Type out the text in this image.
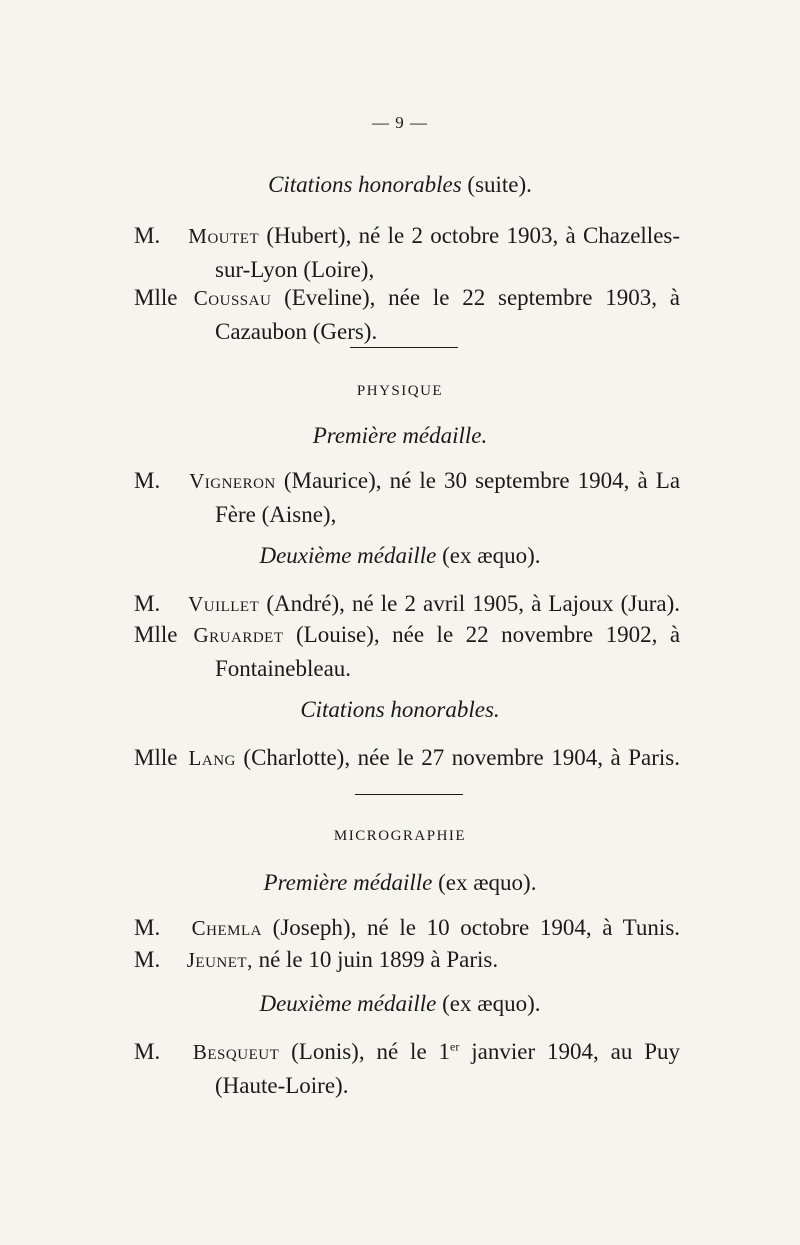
— 9 —
Citations honorables (suite).
M. Moutet (Hubert), né le 2 octobre 1903, à Chazelles-
sur-Lyon (Loire),
Mlle Coussau (Eveline), née le 22 septembre 1903, à
Cazaubon (Gers).
PHYSIQUE
Première médaille.
M. Vigneron (Maurice), né le 30 septembre 1904, à La
Fère (Aisne),
Deuxième médaille (ex æquo).
M. Vuillet (André), né le 2 avril 1905, à Lajoux (Jura).
Mlle Gruardet (Louise), née le 22 novembre 1902, à
Fontainebleau.
Citations honorables.
Mlle Lang (Charlotte), née le 27 novembre 1904, à Paris.
MICROGRAPHIE
Première médaille (ex æquo).
M. Chemla (Joseph), né le 10 octobre 1904, à Tunis.
M. Jeunet, né le 10 juin 1899 à Paris.
Deuxième médaille (ex æquo).
M. Besqueut (Lonis), né le 1er janvier 1904, au Puy
(Haute-Loire).
